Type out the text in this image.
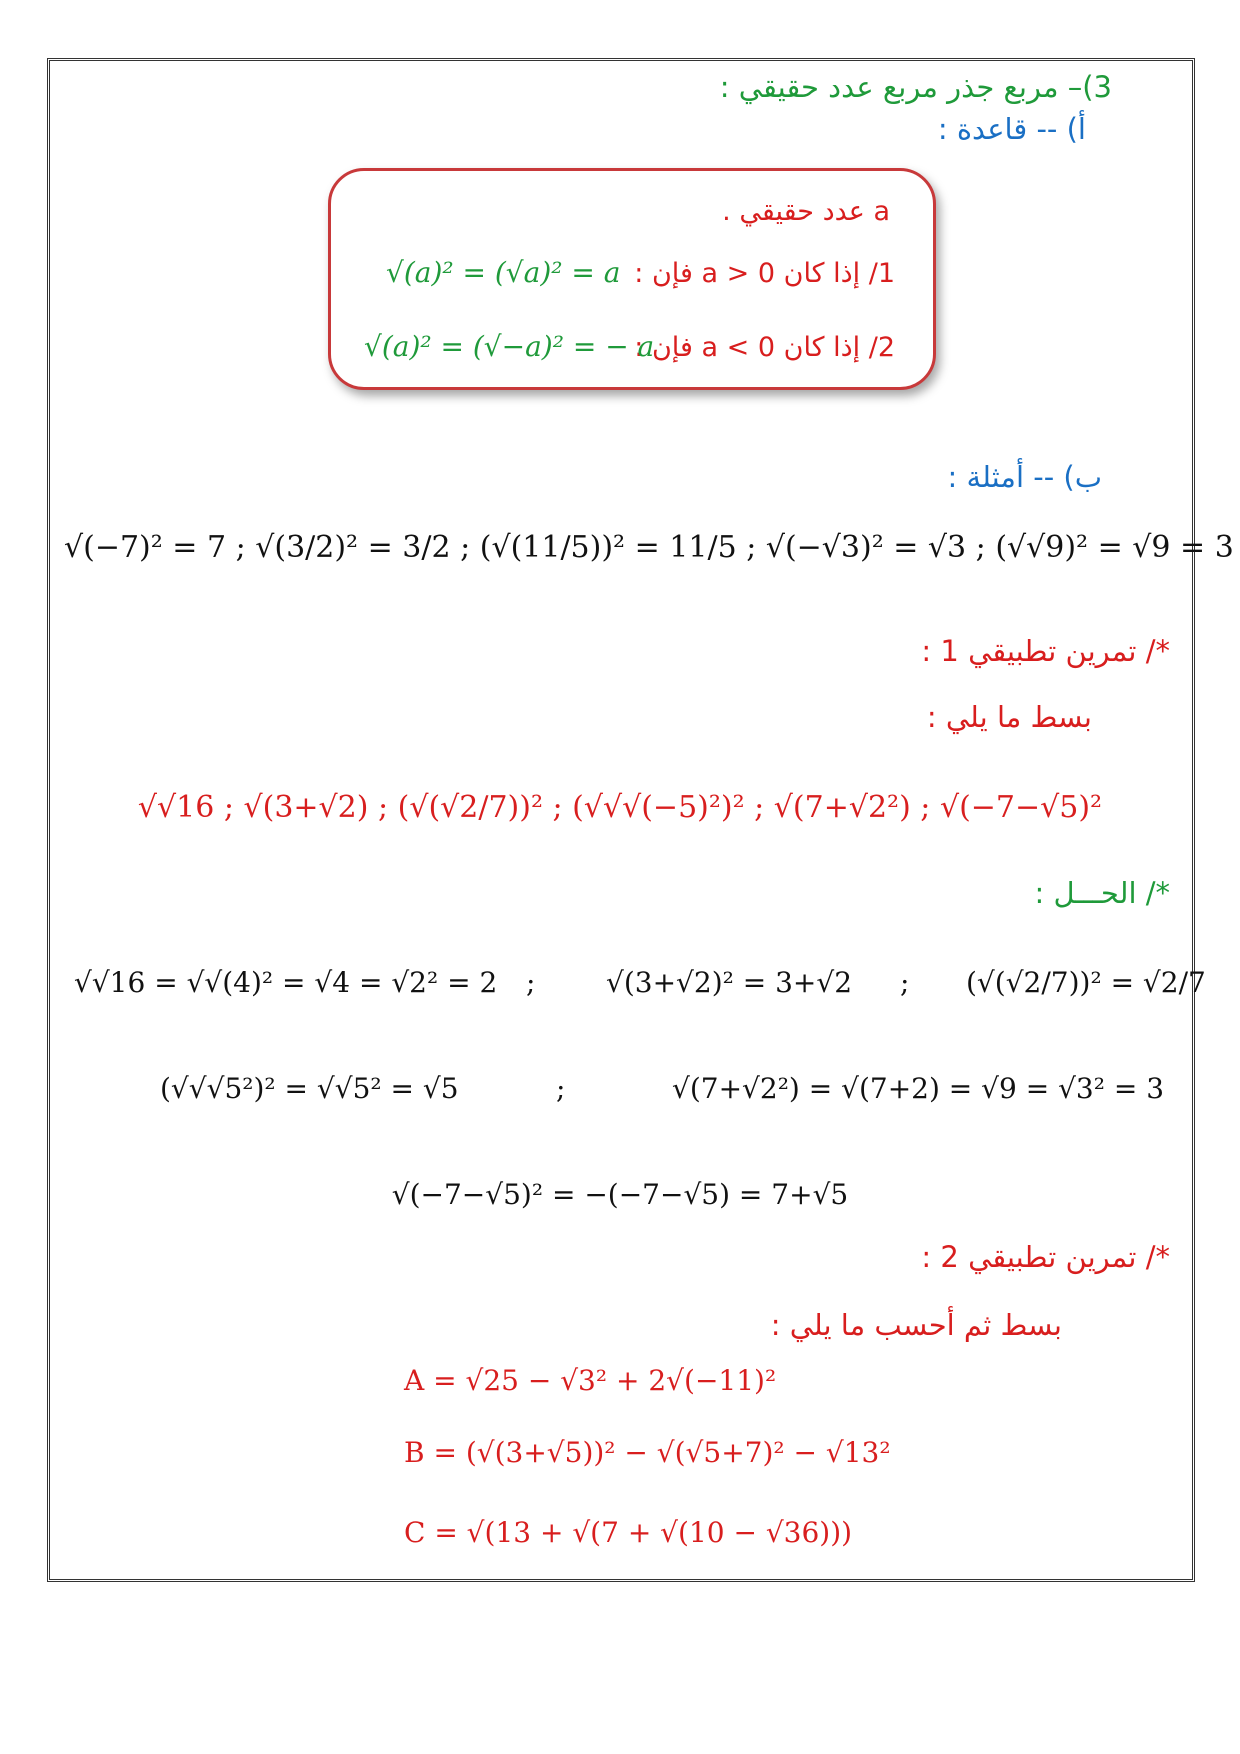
3)– مربع جذر مربع عدد حقيقي :
أ) -- قاعدة :
a عدد حقيقي .
1/ إذا كان a > 0 فإن :
√(a)² = (√a)² = a
2/ إذا كان a < 0 فإن :
√(a)² = (√−a)² = − a
ب) -- أمثلة :
√(−7)² = 7 ; √(3/2)² = 3/2 ; (√(11/5))² = 11/5 ; √(−√3)² = √3 ; (√√9)² = √9 = 3
*/ تمرين تطبيقي 1 :
بسط ما يلي :
√√16 ; √(3+√2) ; (√(√2/7))² ; (√√√(−5)²)² ; √(7+√2²) ; √(−7−√5)²
*/ الحـــل :
√√16 = √√(4)² = √4 = √2² = 2 ;	√(3+√2)² = 3+√2 ; (√(√2/7))² = √2/7
(√√√5²)² = √√5² = √5	;	√(7+√2²) = √(7+2) = √9 = √3² = 3
√(−7−√5)² = −(−7−√5) = 7+√5
*/ تمرين تطبيقي 2 :
بسط ثم أحسب ما يلي :
A = √25 − √3² + 2√(−11)²
B = (√(3+√5))² − √(√5+7)² − √13²
C = √(13 + √(7 + √(10 − √36)))
